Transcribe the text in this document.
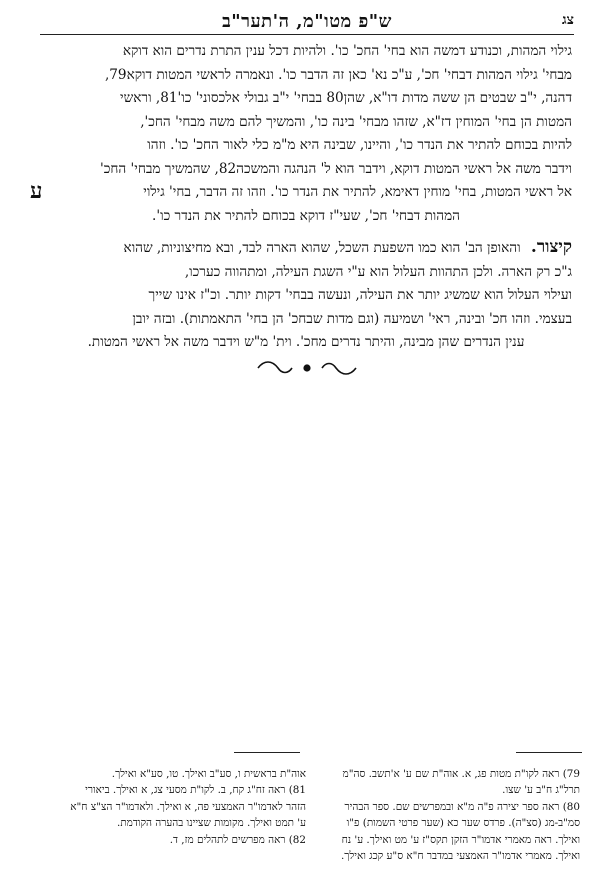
ש"פ מטו"מ, ה'תער"ב	צג
ע
גילוי המהות, וכנודע דמשה הוא בחי' החכ' כו'. ולהיות דכל ענין התרת נדרים הוא דוקא
מבחי' גילוי המהות דבחי' חכ', ע"כ נא' כאן זה הדבר כו'. ונאמרה לראשי המטות דוקא79,
דהנה, י"ב שבטים הן ששה מדות דו"א, שהן80 בבחי' י"ב גבולי אלכסוני' כו'81, וראשי
המטות הן בחי' המוחין דז"א, שזהו מבחי' בינה כו', והמשיך להם משה מבחי' החכ',
להיות בכוחם להתיר את הנדר כו', והיינו, שבינה היא מ"מ כלי לאור החכ' כו'. וזהו
וידבר משה אל ראשי המטות דוקא, וידבר הוא ל' הנהגה והמשכה82, שהמשיך מבחי' החכ'
אל ראשי המטות, בחי' מוחין דאימא, להתיר את הנדר כו'. וזהו זה הדבר, בחי' גילוי
המהות דבחי' חכ', שעי"ז דוקא בכוחם להתיר את הנדר כו'.
קיצור. והאופן הב' הוא כמו השפעת השכל, שהוא הארה לבד, ובא מחיצוניות, שהוא
ג"כ רק הארה. ולכן התהוות העלול הוא ע"י השגת העילה, ומתהווה כערכו,
ועילוי העלול הוא שמשיג יותר את העילה, ונעשה בבחי' דקות יותר. וכ"ז אינו שייך
בעצמי. וזהו חכ' ובינה, ראי' ושמיעה (וגם מדות שבחכ' הן בחי' התאמתות). ובזה יובן
ענין הנדרים שהן מבינה, והיתר נדרים מחכ'. וית' מ"ש וידבר משה אל ראשי המטות.
79) ראה לקו"ת מטות פג, א. אוה"ת שם ע' א'תשב. סה"מ
תרל"ג ח"ב ע' שצו.
80) ראה ספר יצירה פ"ה מ"א ובמפרשים שם. ספר הבהיר
סמ"ב-מג (סצ"ה). פרדס שער כא (שער פרטי השמות) פ"ו
ואילך. ראה מאמרי אדמו"ר הזקן תקס"ז ע' מט ואילך. ע' נח
ואילך. מאמרי אדמו"ר האמצעי במדבר ח"א ס"ע קכג ואילך.
אוה"ת בראשית ו, סע"ב ואילך. טו, סע"א ואילך.
81) ראה זח"ג קח, ב. לקו"ת מסעי צג, א ואילך. ביאורי
הזהר לאדמו"ר האמצעי פה, א ואילך. ולאדמו"ר הצ"צ ח"א
ע' תמט ואילך. מקומות שציינו בהערה הקודמת.
82) ראה מפרשים לתהלים מז, ד.
